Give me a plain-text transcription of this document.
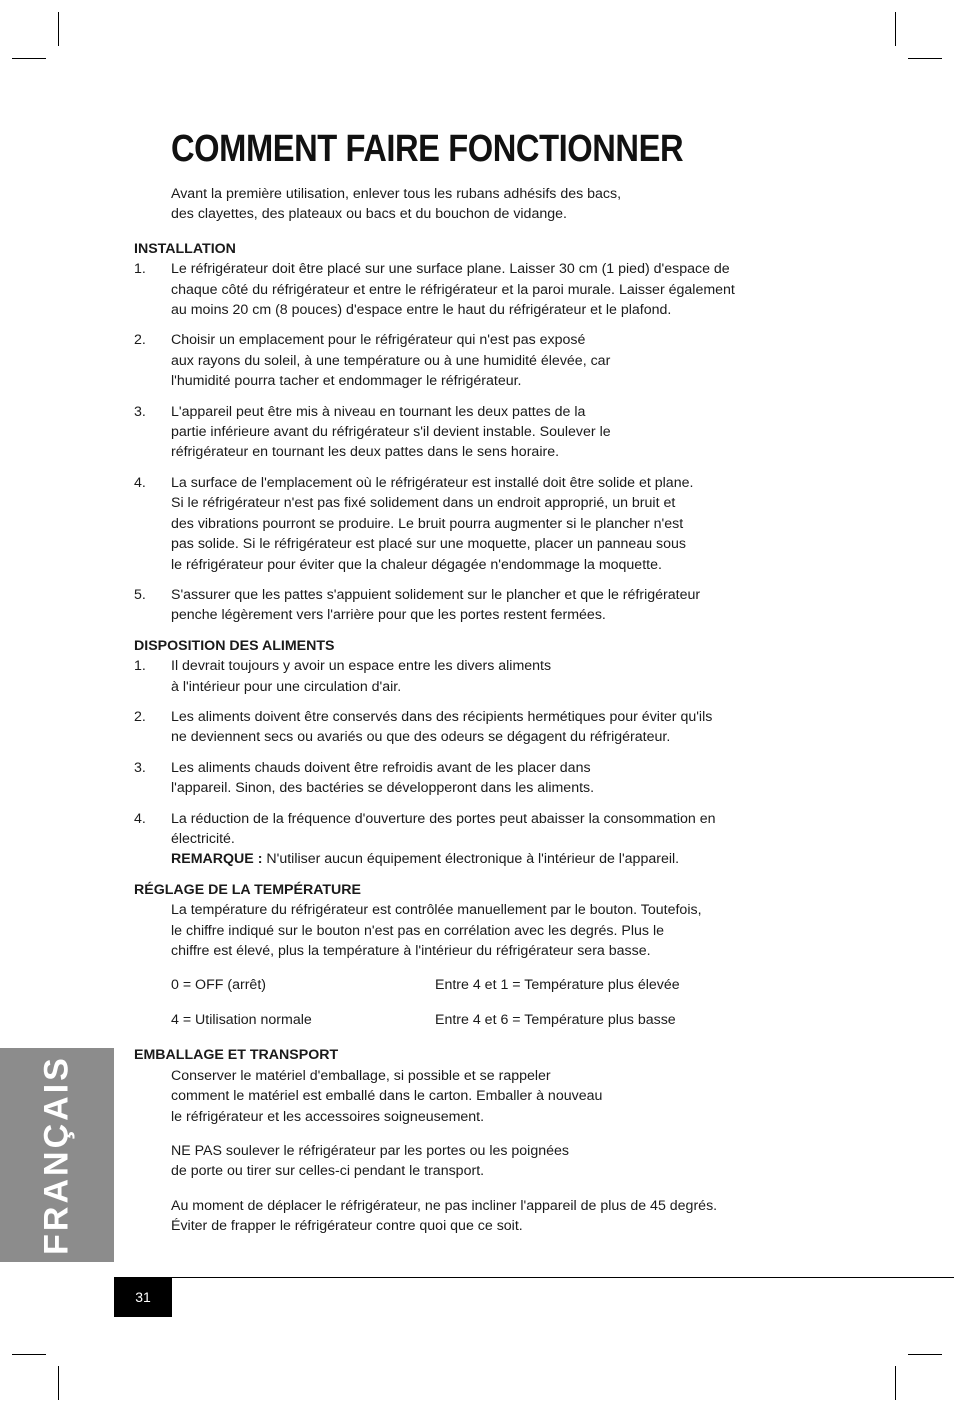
COMMENT FAIRE FONCTIONNER

Avant la première utilisation, enlever tous les rubans adhésifs des bacs,

des clayettes, des plateaux ou bacs et du bouchon de vidange.

INSTALLATION

1. Le réfrigérateur doit être placé sur une surface plane. Laisser 30 cm (1 pied) d'espace de

chaque côté du réfrigérateur et entre le réfrigérateur et la paroi murale. Laisser également

au moins 20 cm (8 pouces) d'espace entre le haut du réfrigérateur et le plafond.

2. Choisir un emplacement pour le réfrigérateur qui n'est pas exposé

aux rayons du soleil, à une température ou à une humidité élevée, car

l'humidité pourra tacher et endommager le réfrigérateur.

3. L'appareil peut être mis à niveau en tournant les deux pattes de la

partie inférieure avant du réfrigérateur s'il devient instable. Soulever le

réfrigérateur en tournant les deux pattes dans le sens horaire.

4. La surface de l'emplacement où le réfrigérateur est installé doit être solide et plane.

Si le réfrigérateur n'est pas fixé solidement dans un endroit approprié, un bruit et

des vibrations pourront se produire. Le bruit pourra augmenter si le plancher n'est

pas solide. Si le réfrigérateur est placé sur une moquette, placer un panneau sous

le réfrigérateur pour éviter que la chaleur dégagée n'endommage la moquette.

5. S'assurer que les pattes s'appuient solidement sur le plancher et que le réfrigérateur

penche légèrement vers l'arrière pour que les portes restent fermées.

DISPOSITION DES ALIMENTS

1. Il devrait toujours y avoir un espace entre les divers aliments

à l'intérieur pour une circulation d'air.

2. Les aliments doivent être conservés dans des récipients hermétiques pour éviter qu'ils

ne deviennent secs ou avariés ou que des odeurs se dégagent du réfrigérateur.

3. Les aliments chauds doivent être refroidis avant de les placer dans

l'appareil. Sinon, des bactéries se développeront dans les aliments.

4. La réduction de la fréquence d'ouverture des portes peut abaisser la consommation en

électricité.

REMARQUE : N'utiliser aucun équipement électronique à l'intérieur de l'appareil.

RÉGLAGE DE LA TEMPÉRATURE

La température du réfrigérateur est contrôlée manuellement par le bouton. Toutefois,

le chiffre indiqué sur le bouton n'est pas en corrélation avec les degrés. Plus le

chiffre est élevé, plus la température à l'intérieur du réfrigérateur sera basse.

0 = OFF (arrêt)	Entre 4 et 1 = Température plus élevée
4 = Utilisation normale	Entre 4 et 6 = Température plus basse

EMBALLAGE ET TRANSPORT

Conserver le matériel d'emballage, si possible et se rappeler

comment le matériel est emballé dans le carton. Emballer à nouveau

le réfrigérateur et les accessoires soigneusement.

NE PAS soulever le réfrigérateur par les portes ou les poignées

de porte ou tirer sur celles-ci pendant le transport.

Au moment de déplacer le réfrigérateur, ne pas incliner l'appareil de plus de 45 degrés.

Éviter de frapper le réfrigérateur contre quoi que ce soit.

FRANÇAIS
31
